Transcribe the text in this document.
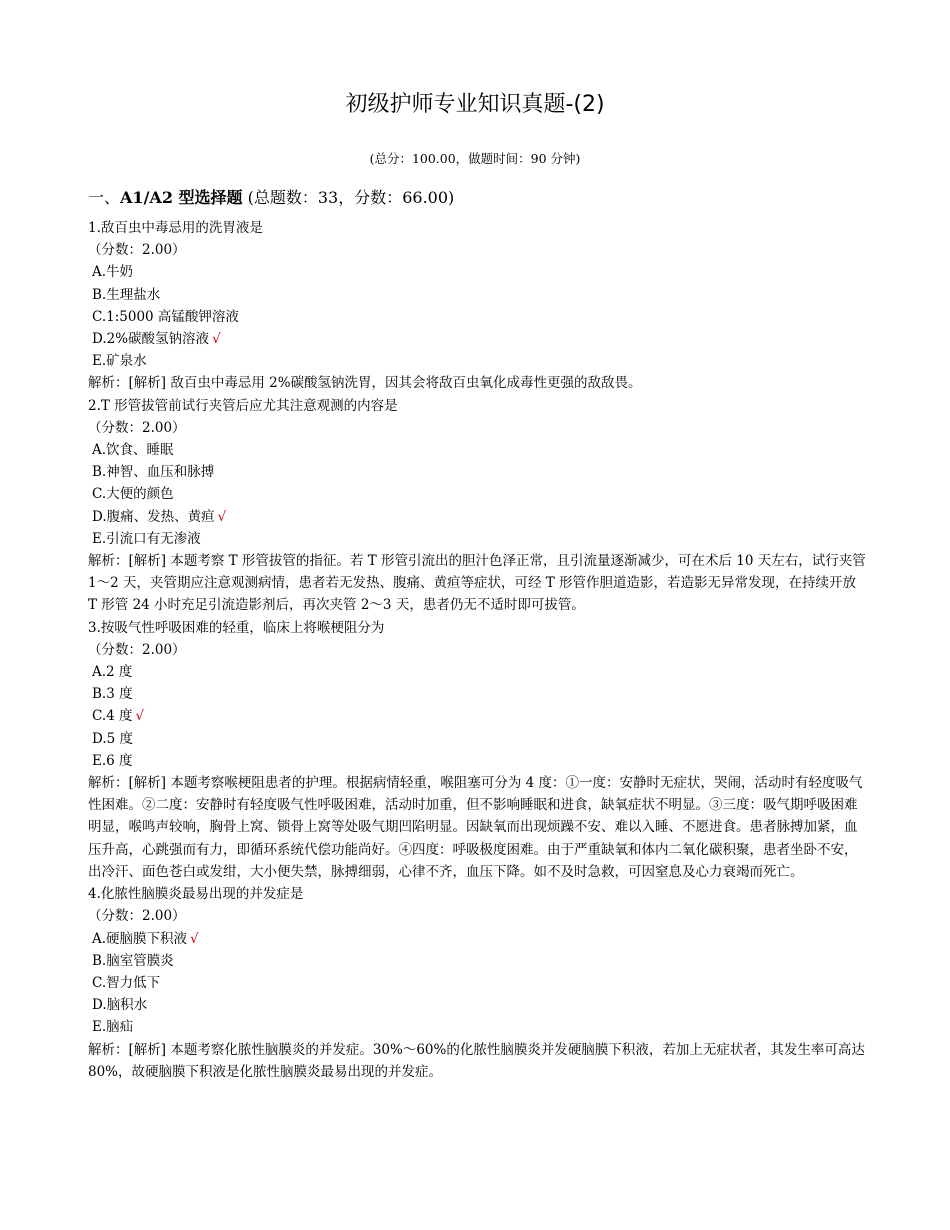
初级护师专业知识真题-(2)
(总分：100.00，做题时间：90 分钟)
一、A1/A2 型选择题 (总题数：33，分数：66.00)

1.敌百虫中毒忌用的洗胃液是

（分数：2.00）

A.牛奶

B.生理盐水

C.1:5000 高锰酸钾溶液

D.2%碳酸氢钠溶液 √

E.矿泉水

解析：[解析] 敌百虫中毒忌用 2%碳酸氢钠洗胃，因其会将敌百虫氧化成毒性更强的敌敌畏。

2.T 形管拔管前试行夹管后应尤其注意观测的内容是

（分数：2.00）

A.饮食、睡眠

B.神智、血压和脉搏

C.大便的颜色

D.腹痛、发热、黄疸 √

E.引流口有无渗液

解析：[解析] 本题考察 T 形管拔管的指征。若 T 形管引流出的胆汁色泽正常，且引流量逐渐减少，可在术后 10 天左右，试行夹管 1～2 天，夹管期应注意观测病情，患者若无发热、腹痛、黄疸等症状，可经 T 形管作胆道造影，若造影无异常发现，在持续开放 T 形管 24 小时充足引流造影剂后，再次夹管 2～3 天，患者仍无不适时即可拔管。

3.按吸气性呼吸困难的轻重，临床上将喉梗阻分为

（分数：2.00）

A.2 度

B.3 度

C.4 度 √

D.5 度

E.6 度

解析：[解析] 本题考察喉梗阻患者的护理。根据病情轻重，喉阻塞可分为 4 度：①一度：安静时无症状，哭闹，活动时有轻度吸气性困难。②二度：安静时有轻度吸气性呼吸困难，活动时加重，但不影响睡眠和进食，缺氧症状不明显。③三度：吸气期呼吸困难明显，喉鸣声较响，胸骨上窝、锁骨上窝等处吸气期凹陷明显。因缺氧而出现烦躁不安、难以入睡、不愿进食。患者脉搏加紧，血压升高，心跳强而有力，即循环系统代偿功能尚好。④四度：呼吸极度困难。由于严重缺氧和体内二氧化碳积聚，患者坐卧不安，出冷汗、面色苍白或发绀，大小便失禁，脉搏细弱，心律不齐，血压下降。如不及时急救，可因窒息及心力衰竭而死亡。

4.化脓性脑膜炎最易出现的并发症是

（分数：2.00）

A.硬脑膜下积液 √

B.脑室管膜炎

C.智力低下

D.脑积水

E.脑疝

解析：[解析] 本题考察化脓性脑膜炎的并发症。30%～60%的化脓性脑膜炎并发硬脑膜下积液，若加上无症状者，其发生率可高达 80%，故硬脑膜下积液是化脓性脑膜炎最易出现的并发症。
